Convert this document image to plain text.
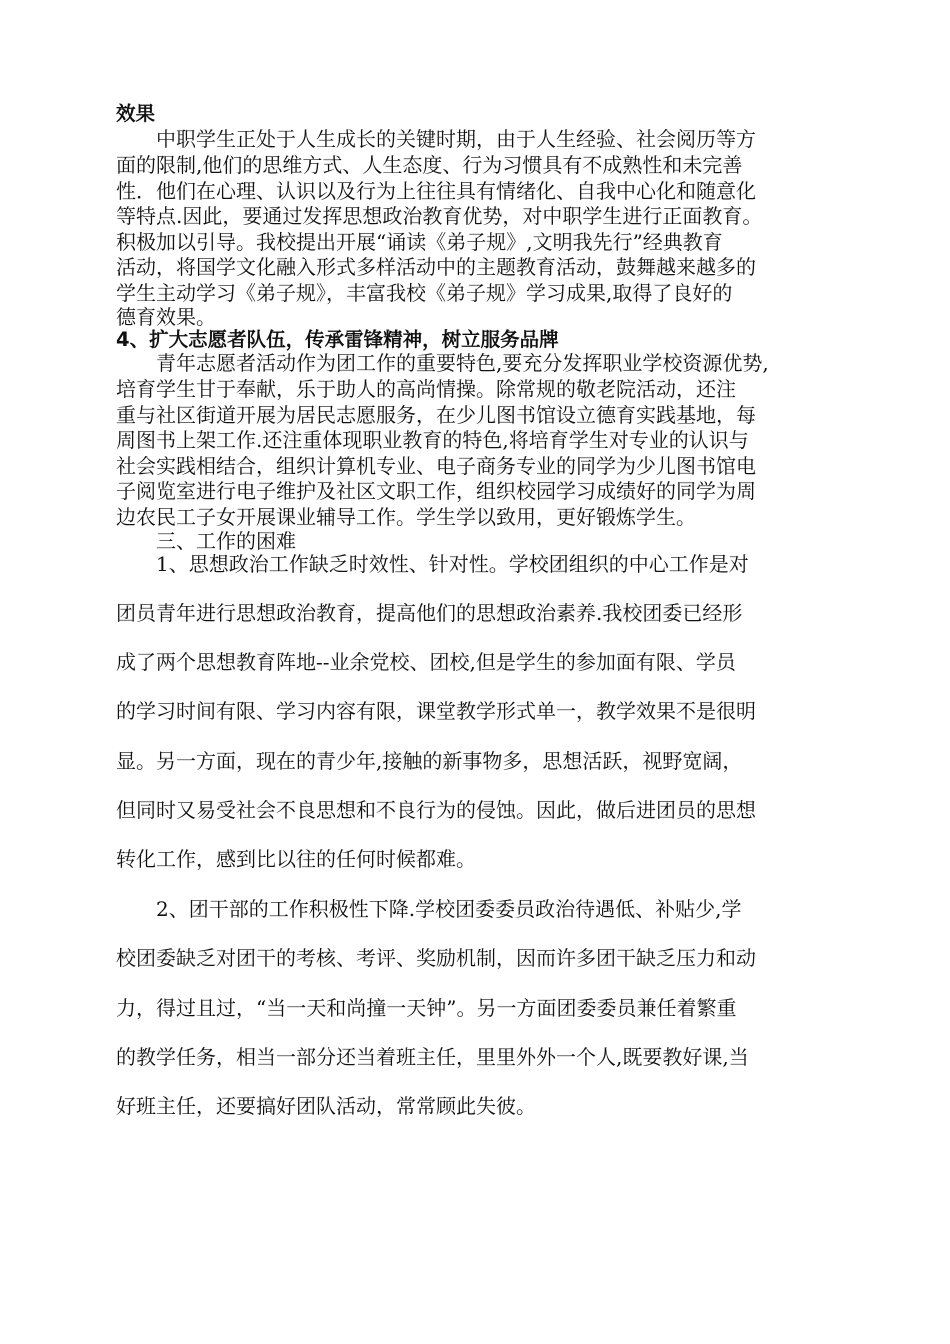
效果
　　中职学生正处于人生成长的关键时期，由于人生经验、社会阅历等方
面的限制,他们的思维方式、人生态度、行为习惯具有不成熟性和未完善
性．他们在心理、认识以及行为上往往具有情绪化、自我中心化和随意化
等特点.因此，要通过发挥思想政治教育优势，对中职学生进行正面教育。
积极加以引导。我校提出开展“诵读《弟子规》,文明我先行”经典教育
活动，将国学文化融入形式多样活动中的主题教育活动，鼓舞越来越多的
学生主动学习《弟子规》，丰富我校《弟子规》学习成果,取得了良好的
德育效果。
4、扩大志愿者队伍，传承雷锋精神，树立服务品牌
　　青年志愿者活动作为团工作的重要特色,要充分发挥职业学校资源优势,
培育学生甘于奉献，乐于助人的高尚情操。除常规的敬老院活动，还注
重与社区街道开展为居民志愿服务，在少儿图书馆设立德育实践基地，每
周图书上架工作.还注重体现职业教育的特色,将培育学生对专业的认识与
社会实践相结合，组织计算机专业、电子商务专业的同学为少儿图书馆电
子阅览室进行电子维护及社区文职工作，组织校园学习成绩好的同学为周
边农民工子女开展课业辅导工作。学生学以致用，更好锻炼学生。
　　三、工作的困难
　　1、思想政治工作缺乏时效性、针对性。学校团组织的中心工作是对
团员青年进行思想政治教育，提高他们的思想政治素养.我校团委已经形
成了两个思想教育阵地--业余党校、团校,但是学生的参加面有限、学员
的学习时间有限、学习内容有限，课堂教学形式单一，教学效果不是很明
显。另一方面，现在的青少年,接触的新事物多，思想活跃，视野宽阔，
但同时又易受社会不良思想和不良行为的侵蚀。因此，做后进团员的思想
转化工作，感到比以往的任何时候都难。
　　2、团干部的工作积极性下降.学校团委委员政治待遇低、补贴少,学
校团委缺乏对团干的考核、考评、奖励机制，因而许多团干缺乏压力和动
力，得过且过，“当一天和尚撞一天钟”。另一方面团委委员兼任着繁重
的教学任务，相当一部分还当着班主任，里里外外一个人,既要教好课,当
好班主任，还要搞好团队活动，常常顾此失彼。
